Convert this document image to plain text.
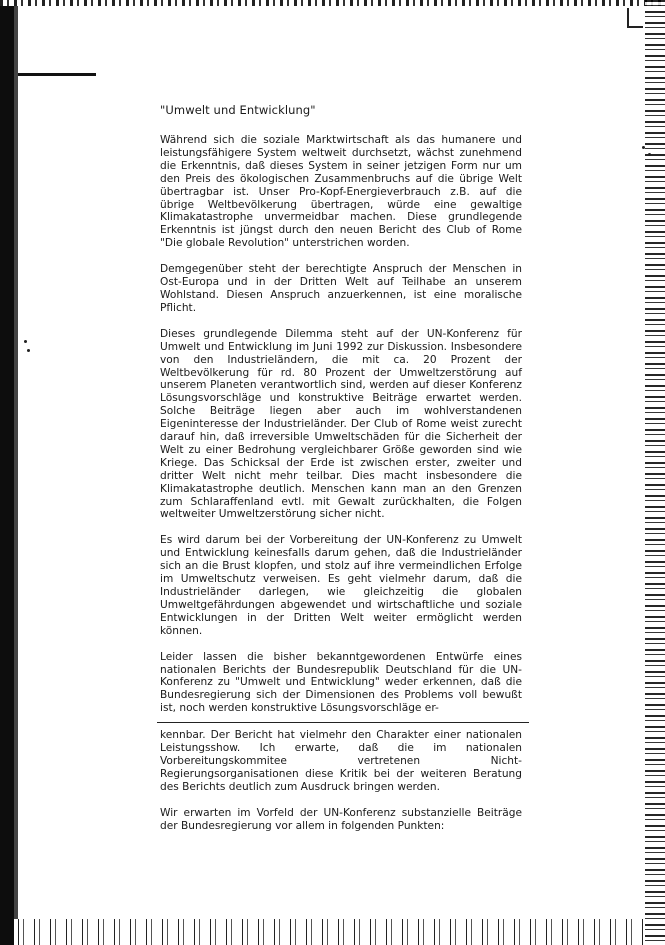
"Umwelt und Entwicklung"

Während sich die soziale Marktwirtschaft als das humanere und leistungsfähigere System weltweit durchsetzt, wächst zunehmend die Erkenntnis, daß dieses System in seiner jetzigen Form nur um den Preis des ökologischen Zusammenbruchs auf die übrige Welt übertragbar ist. Unser Pro-Kopf-Energieverbrauch z.B. auf die übrige Weltbevölkerung übertragen, würde eine gewaltige Klimakatastrophe unvermeidbar machen. Diese grundlegende Erkenntnis ist jüngst durch den neuen Bericht des Club of Rome "Die globale Revolution" unterstrichen worden.

Demgegenüber steht der berechtigte Anspruch der Menschen in Ost-Europa und in der Dritten Welt auf Teilhabe an unserem Wohlstand. Diesen Anspruch anzuerkennen, ist eine moralische Pflicht.

Dieses grundlegende Dilemma steht auf der UN-Konferenz für Umwelt und Entwicklung im Juni 1992 zur Diskussion. Insbesondere von den Industrieländern, die mit ca. 20 Prozent der Weltbevölkerung für rd. 80 Prozent der Umweltzerstörung auf unserem Planeten verantwortlich sind, werden auf dieser Konferenz Lösungsvorschläge und konstruktive Beiträge erwartet werden. Solche Beiträge liegen aber auch im wohlverstandenen Eigeninteresse der Industrieländer. Der Club of Rome weist zurecht darauf hin, daß irreversible Umweltschäden für die Sicherheit der Welt zu einer Bedrohung vergleichbarer Größe geworden sind wie Kriege. Das Schicksal der Erde ist zwischen erster, zweiter und dritter Welt nicht mehr teilbar. Dies macht insbesondere die Klimakatastrophe deutlich. Menschen kann man an den Grenzen zum Schlaraffenland evtl. mit Gewalt zurückhalten, die Folgen weltweiter Umweltzerstörung sicher nicht.

Es wird darum bei der Vorbereitung der UN-Konferenz zu Umwelt und Entwicklung keinesfalls darum gehen, daß die Industrieländer sich an die Brust klopfen, und stolz auf ihre vermeindlichen Erfolge im Umweltschutz verweisen. Es geht vielmehr darum, daß die Industrieländer darlegen, wie gleichzeitig die globalen Umweltgefährdungen abgewendet und wirtschaftliche und soziale Entwicklungen in der Dritten Welt weiter ermöglicht werden können.

Leider lassen die bisher bekanntgewordenen Entwürfe eines nationalen Berichts der Bundesrepublik Deutschland für die UN-Konferenz zu "Umwelt und Entwicklung" weder erkennen, daß die Bundesregierung sich der Dimensionen des Problems voll bewußt ist, noch werden konstruktive Lösungsvorschläge er-

kennbar. Der Bericht hat vielmehr den Charakter einer nationalen Leistungsshow. Ich erwarte, daß die im nationalen Vorbereitungskommitee vertretenen Nicht-Regierungsorganisationen diese Kritik bei der weiteren Beratung des Berichts deutlich zum Ausdruck bringen werden.

Wir erwarten im Vorfeld der UN-Konferenz substanzielle Beiträge der Bundesregierung vor allem in folgenden Punkten:
